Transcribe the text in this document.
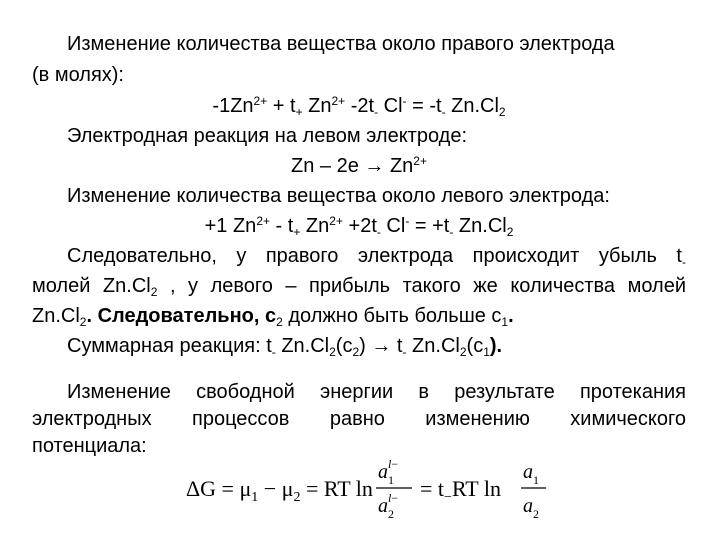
Изменение количества вещества около правого электрода
(в молях):
$-1Zn^{2+} + t_+$ $Zn^{2+}$ $-2t_-$ $Cl^- = -t_-$ $Zn.Cl_2$
Электродная реакция на левом электроде:
$Zn - 2e \to Zn^{2+}$
Изменение количества вещества около левого электрода:
+1 $Zn^{2+} - t_+$ $Zn^{2+} +2t_-$ $Cl^- = +t_-$ $Zn.Cl_2$
Следовательно, у правого электрода происходит убыль $t_-$
молей $Zn.Cl_2$ , у левого – прибыль такого же количества молей
$Zn.Cl_2$. Следовательно, $с_2$ должно быть больше $с_1$.
Суммарная реакция: $t_-$ $Zn.Cl_2(c_2) \to t_-$ $Zn.Cl_2(c_1)$.
Изменение свободной энергии в результате протекания
электродных процессов равно изменению химического
потенциала:
$\Delta G = \mu_1 - \mu_2$ = RT ln
$a_1l-$
$a_2l- = t_-RT$ ln
$a_1$
$a_2$
